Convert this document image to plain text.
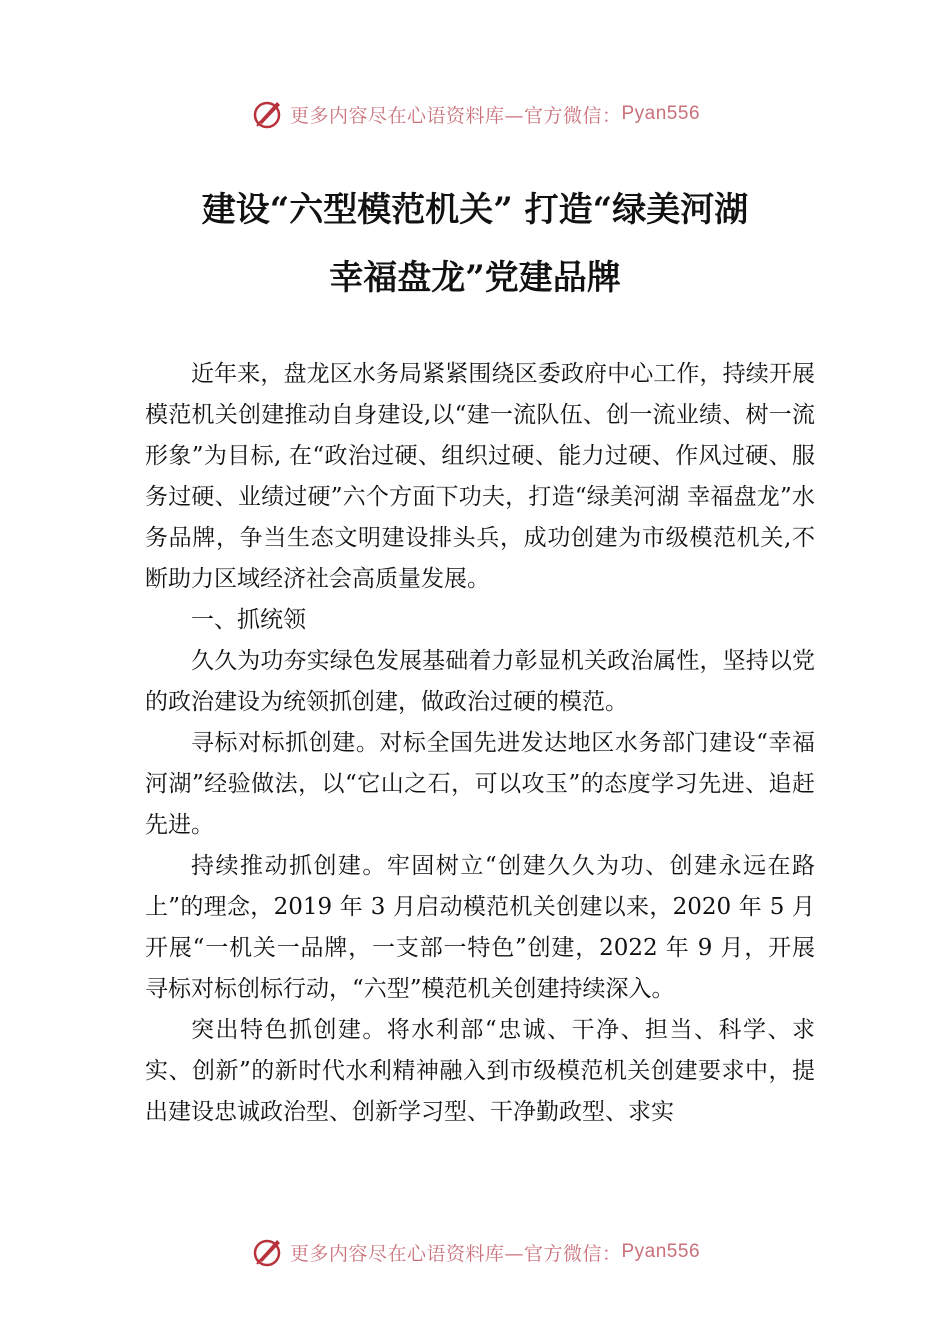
更多内容尽在心语资料库—官方微信： Pyan556
建设“六型模范机关” 打造“绿美河湖
幸福盘龙”党建品牌

近年来，盘龙区水务局紧紧围绕区委政府中心工作，持续开展模范机关创建推动自身建设,以“建一流队伍、创一流业绩、树一流形象”为目标, 在“政治过硬、组织过硬、能力过硬、作风过硬、服务过硬、业绩过硬”六个方面下功夫，打造“绿美河湖 幸福盘龙”水务品牌，争当生态文明建设排头兵，成功创建为市级模范机关,不断助力区域经济社会高质量发展。

一、抓统领

久久为功夯实绿色发展基础着力彰显机关政治属性，坚持以党的政治建设为统领抓创建，做政治过硬的模范。

寻标对标抓创建。对标全国先进发达地区水务部门建设“幸福河湖”经验做法，以“它山之石，可以攻玉”的态度学习先进、追赶先进。

持续推动抓创建。牢固树立“创建久久为功、创建永远在路上”的理念，2019 年 3 月启动模范机关创建以来，2020 年 5 月开展“一机关一品牌，一支部一特色”创建，2022 年 9 月，开展寻标对标创标行动，“六型”模范机关创建持续深入。

突出特色抓创建。将水利部“忠诚、干净、担当、科学、求实、创新”的新时代水利精神融入到市级模范机关创建要求中，提出建设忠诚政治型、创新学习型、干净勤政型、求实

更多内容尽在心语资料库—官方微信： Pyan556
